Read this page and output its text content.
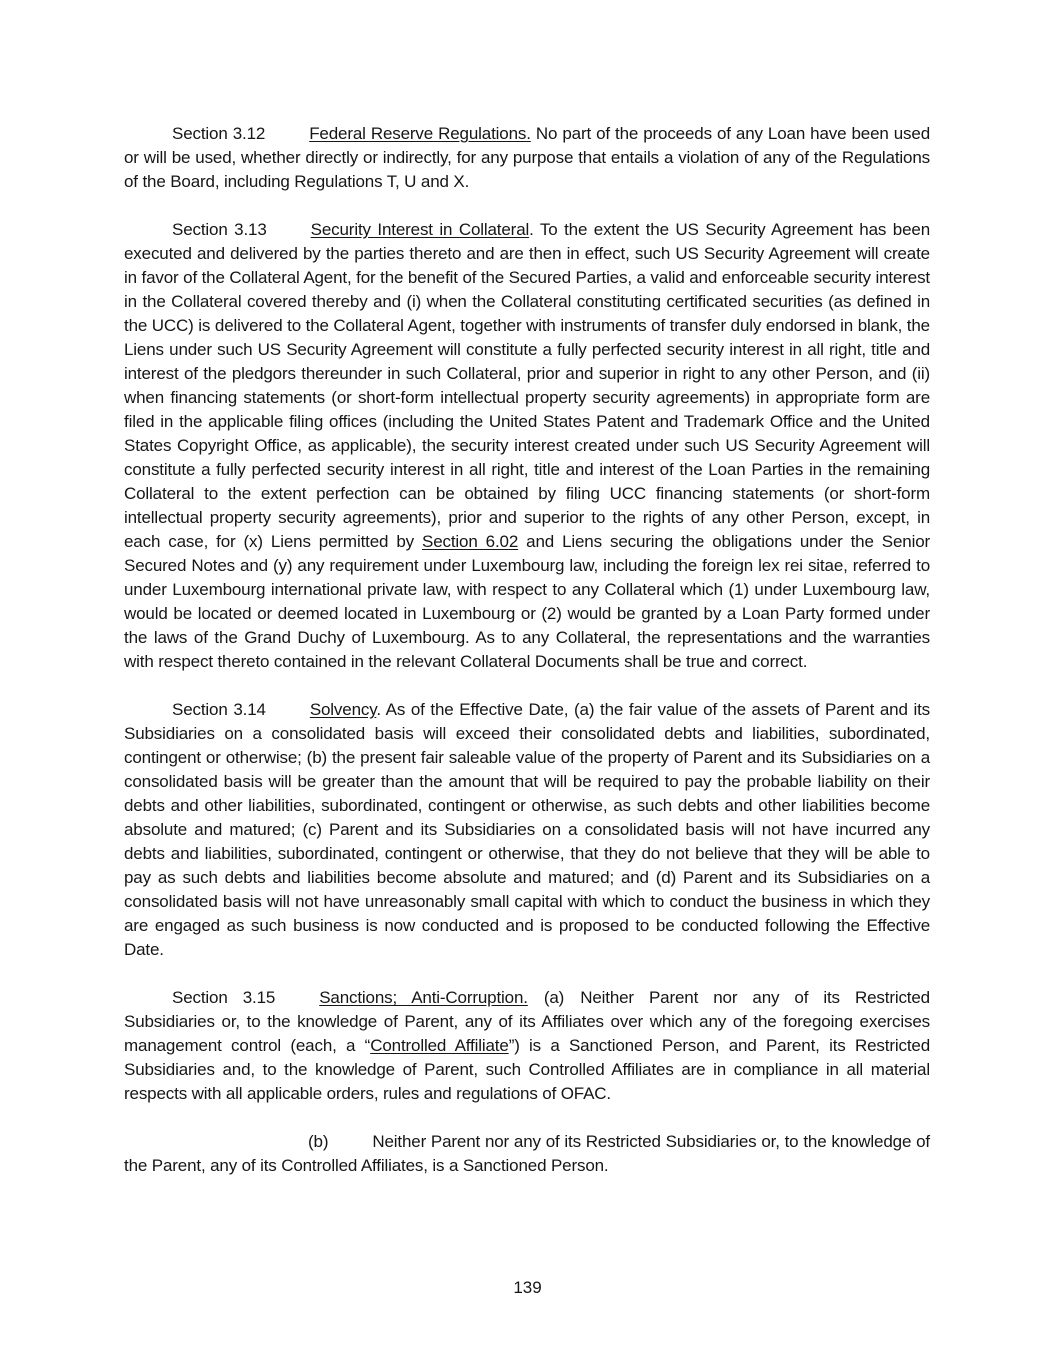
Section 3.12	Federal Reserve Regulations. No part of the proceeds of any Loan have been used or will be used, whether directly or indirectly, for any purpose that entails a violation of any of the Regulations of the Board, including Regulations T, U and X.

Section 3.13	Security Interest in Collateral. To the extent the US Security Agreement has been executed and delivered by the parties thereto and are then in effect, such US Security Agreement will create in favor of the Collateral Agent, for the benefit of the Secured Parties, a valid and enforceable security interest in the Collateral covered thereby and (i) when the Collateral constituting certificated securities (as defined in the UCC) is delivered to the Collateral Agent, together with instruments of transfer duly endorsed in blank, the Liens under such US Security Agreement will constitute a fully perfected security interest in all right, title and interest of the pledgors thereunder in such Collateral, prior and superior in right to any other Person, and (ii) when financing statements (or short-form intellectual property security agreements) in appropriate form are filed in the applicable filing offices (including the United States Patent and Trademark Office and the United States Copyright Office, as applicable), the security interest created under such US Security Agreement will constitute a fully perfected security interest in all right, title and interest of the Loan Parties in the remaining Collateral to the extent perfection can be obtained by filing UCC financing statements (or short-form intellectual property security agreements), prior and superior to the rights of any other Person, except, in each case, for (x) Liens permitted by Section 6.02 and Liens securing the obligations under the Senior Secured Notes and (y) any requirement under Luxembourg law, including the foreign lex rei sitae, referred to under Luxembourg international private law, with respect to any Collateral which (1) under Luxembourg law, would be located or deemed located in Luxembourg or (2) would be granted by a Loan Party formed under the laws of the Grand Duchy of Luxembourg. As to any Collateral, the representations and the warranties with respect thereto contained in the relevant Collateral Documents shall be true and correct.

Section 3.14	Solvency. As of the Effective Date, (a) the fair value of the assets of Parent and its Subsidiaries on a consolidated basis will exceed their consolidated debts and liabilities, subordinated, contingent or otherwise; (b) the present fair saleable value of the property of Parent and its Subsidiaries on a consolidated basis will be greater than the amount that will be required to pay the probable liability on their debts and other liabilities, subordinated, contingent or otherwise, as such debts and other liabilities become absolute and matured; (c) Parent and its Subsidiaries on a consolidated basis will not have incurred any debts and liabilities, subordinated, contingent or otherwise, that they do not believe that they will be able to pay as such debts and liabilities become absolute and matured; and (d) Parent and its Subsidiaries on a consolidated basis will not have unreasonably small capital with which to conduct the business in which they are engaged as such business is now conducted and is proposed to be conducted following the Effective Date.

Section 3.15	Sanctions; Anti-Corruption. (a) Neither Parent nor any of its Restricted Subsidiaries or, to the knowledge of Parent, any of its Affiliates over which any of the foregoing exercises management control (each, a “Controlled Affiliate”) is a Sanctioned Person, and Parent, its Restricted Subsidiaries and, to the knowledge of Parent, such Controlled Affiliates are in compliance in all material respects with all applicable orders, rules and regulations of OFAC.

(b)	Neither Parent nor any of its Restricted Subsidiaries or, to the knowledge of the Parent, any of its Controlled Affiliates, is a Sanctioned Person.

139
